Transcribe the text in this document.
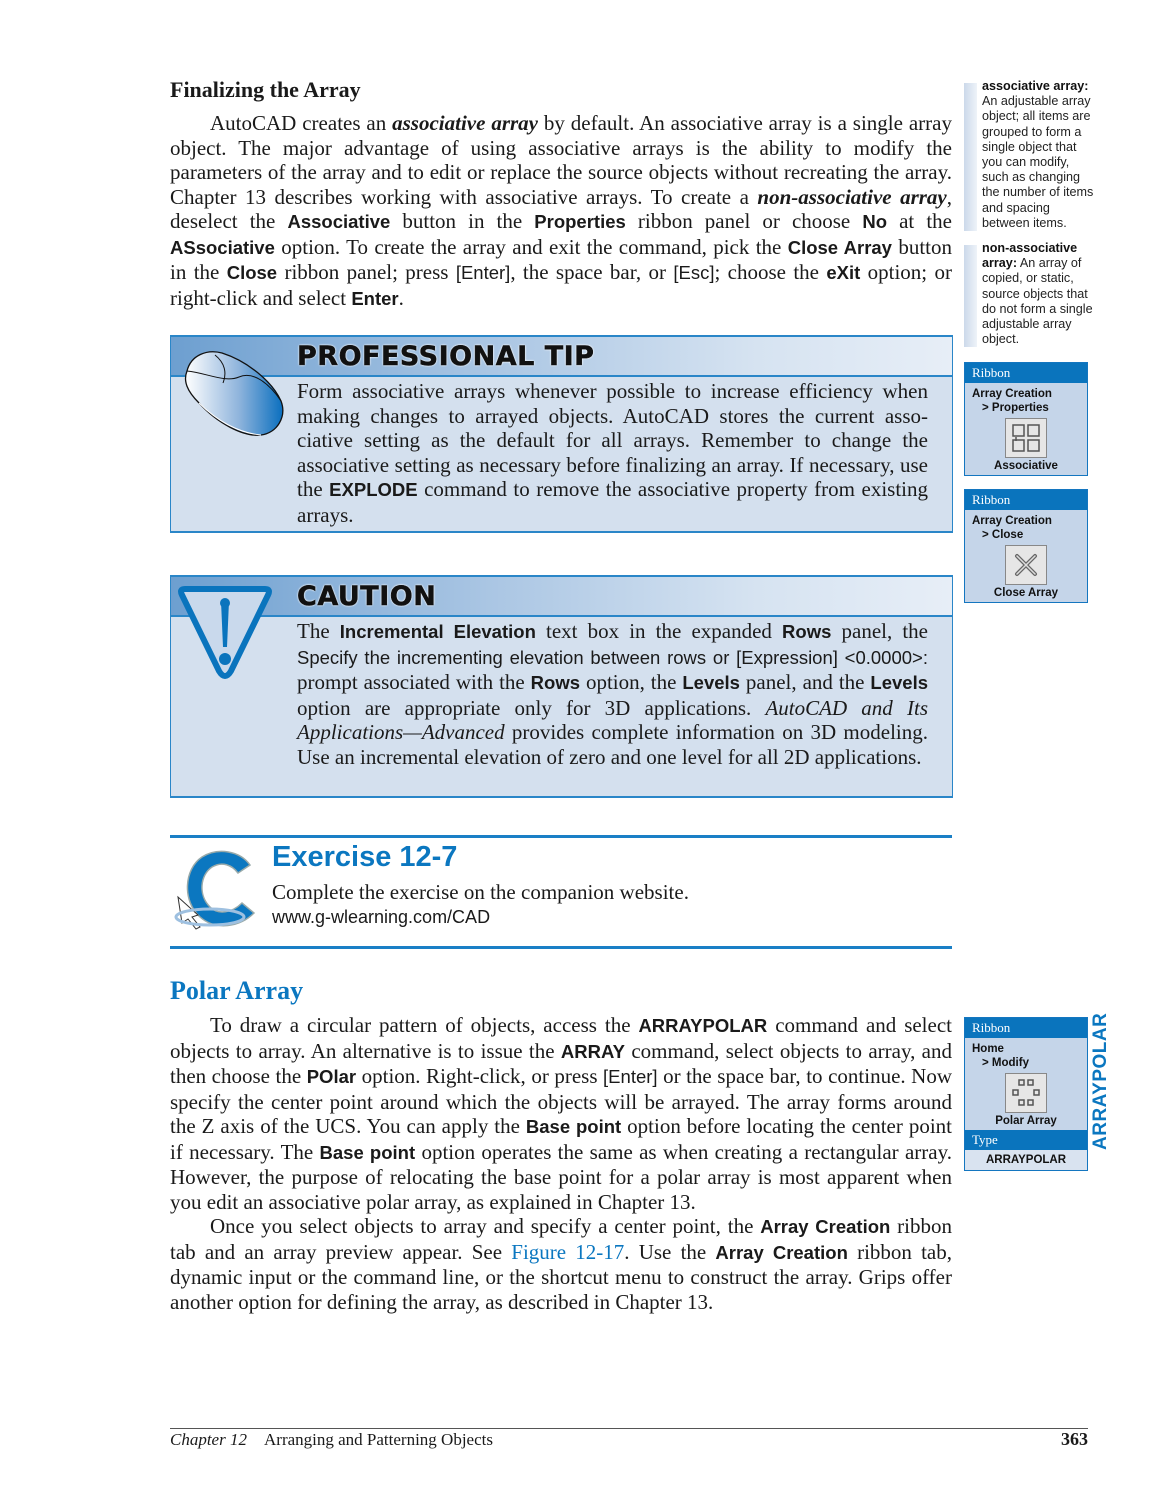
Finalizing the Array
AutoCAD creates an associative array by default. An associative array is a single array object. The major advantage of using associative arrays is the ability to modify the parameters of the array and to edit or replace the source objects without recreating the array. Chapter 13 describes working with associative arrays. To create a non-associative array, deselect the Associative button in the Properties ribbon panel or choose No at the ASsociative option. To create the array and exit the command, pick the Close Array button in the Close ribbon panel; press [Enter], the space bar, or [Esc]; choose the eXit option; or right-click and select Enter.
PROFESSIONAL TIP
Form associative arrays whenever possible to increase efficiency when making changes to arrayed objects. AutoCAD stores the current associative setting as the default for all arrays. Remember to change the associative setting as necessary before finalizing an array. If necessary, use the EXPLODE command to remove the associative property from existing arrays.
CAUTION
The Incremental Elevation text box in the expanded Rows panel, the Specify the incrementing elevation between rows or [Expression] <0.0000>: prompt associated with the Rows option, the Levels panel, and the Levels option are appropriate only for 3D applications. AutoCAD and Its Applications—Advanced provides complete information on 3D modeling. Use an incremental elevation of zero and one level for all 2D applications.
Exercise 12-7
Complete the exercise on the companion website.
www.g-wlearning.com/CAD
Polar Array
To draw a circular pattern of objects, access the ARRAYPOLAR command and select objects to array. An alternative is to issue the ARRAY command, select objects to array, and then choose the POlar option. Right-click, or press [Enter] or the space bar, to continue. Now specify the center point around which the objects will be arrayed. The array forms around the Z axis of the UCS. You can apply the Base point option before locating the center point if necessary. The Base point option operates the same as when creating a rectangular array. However, the purpose of relocating the base point for a polar array is most apparent when you edit an associative polar array, as explained in Chapter 13.
Once you select objects to array and specify a center point, the Array Creation ribbon tab and an array preview appear. See Figure 12-17. Use the Array Creation ribbon tab, dynamic input or the command line, or the shortcut menu to construct the array. Grips offer another option for defining the array, as described in Chapter 13.
associative array: An adjustable array object; all items are grouped to form a single object that you can modify, such as changing the number of items and spacing between items.
non-associative array: An array of copied, or static, source objects that do not form a single adjustable array object.
Ribbon
Array Creation
> Properties
Associative
Ribbon
Array Creation
> Close
Close Array
Ribbon
Home
> Modify
Polar Array
Type
ARRAYPOLAR
ARRAYPOLAR
Chapter 12 Arranging and Patterning Objects	363
